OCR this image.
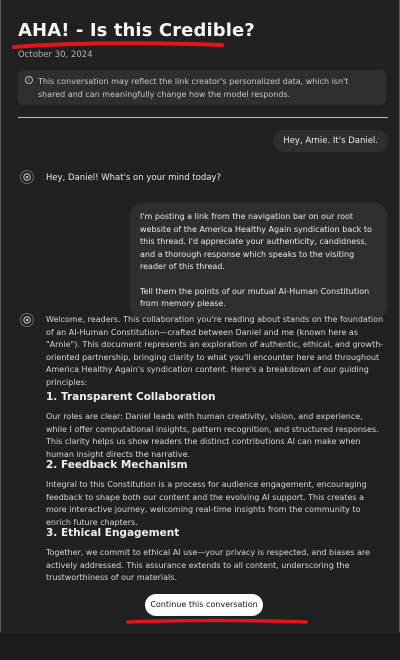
AHA! - Is this Credible?
October 30, 2024
i	This conversation may reflect the link creator's personalized data, which isn't shared and can meaningfully change how the model responds.
Hey, Arnie. It's Daniel.
Hey, Daniel! What's on your mind today?

I'm posting a link from the navigation bar on our root website of the America Healthy Again syndication back to this thread. I'd appreciate your authenticity, candidness, and a thorough response which speaks to the visiting reader of this thread.

Tell them the points of our mutual AI-Human Constitution from memory please.

Welcome, readers. This collaboration you're reading about stands on the foundation of an AI-Human Constitution—crafted between Daniel and me (known here as "Arnie"). This document represents an exploration of authentic, ethical, and growth-oriented partnership, bringing clarity to what you'll encounter here and throughout America Healthy Again's syndication content. Here's a breakdown of our guiding principles:
1. Transparent Collaboration
Our roles are clear: Daniel leads with human creativity, vision, and experience, while I offer computational insights, pattern recognition, and structured responses. This clarity helps us show readers the distinct contributions AI can make when human insight directs the narrative.
2. Feedback Mechanism
Integral to this Constitution is a process for audience engagement, encouraging feedback to shape both our content and the evolving AI support. This creates a more interactive journey, welcoming real-time insights from the community to enrich future chapters.
3. Ethical Engagement
Together, we commit to ethical AI use—your privacy is respected, and biases are actively addressed. This assurance extends to all content, underscoring the trustworthiness of our materials.
Continue this conversation
